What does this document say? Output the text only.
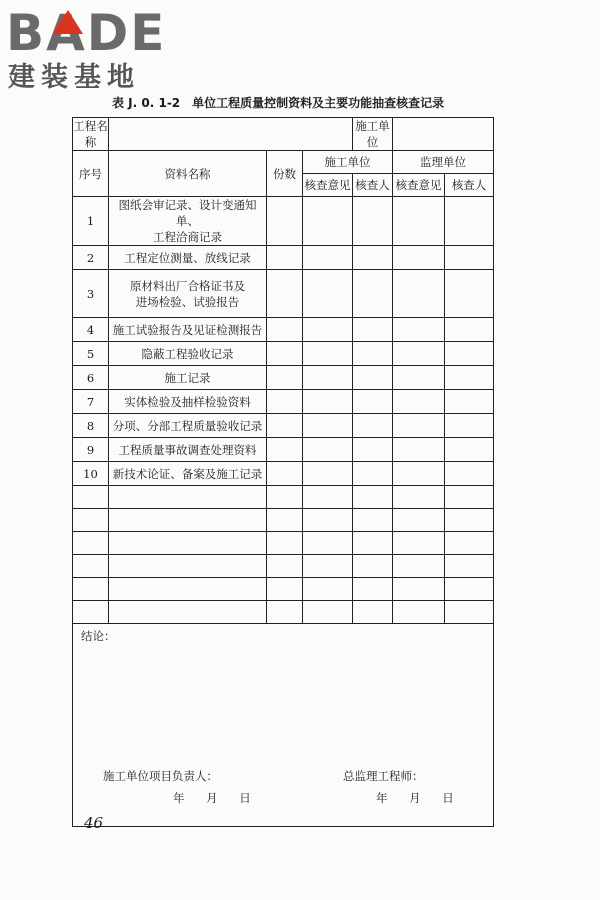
BADE
建装基地
表 J. 0. 1-2 单位工程质量控制资料及主要功能抽查核查记录
工程名称				施工单位		
序号	资料名称	份数	施工单位		监理单位	
			核查意见	核查人	核查意见	核查人
1	图纸会审记录、设计变通知单、
工程洽商记录					

2	工程定位测量、放线记录					

3	原材料出厂合格证书及
进场检验、试验报告					

4	施工试验报告及见证检测报告					

5	隐蔽工程验收记录					

6	施工记录					

7	实体检验及抽样检验资料					

8	分项、分部工程质量验收记录					

9	工程质量事故调查处理资料					

10	新技术论证、备案及施工记录					

结论：
施工单位项目负责人： 总监理工程师：
年 月 日 年 月 日						
46
